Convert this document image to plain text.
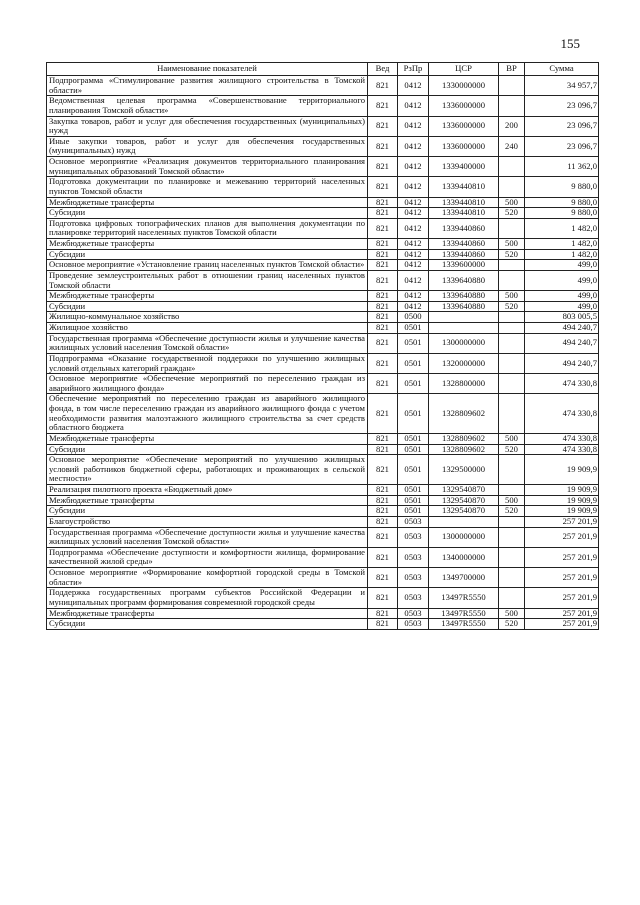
155
Наименование показателей	Вед	РзПр	ЦСР	ВР	Сумма
Подпрограмма «Стимулирование развития жилищного строительства в Томской области»	821	0412	1330000000		34 957,7
Ведомственная целевая программа «Совершенствование территориального планирования Томской области»	821	0412	1336000000		23 096,7
Закупка товаров, работ и услуг для обеспечения государственных (муниципальных) нужд	821	0412	1336000000	200	23 096,7
Иные закупки товаров, работ и услуг для обеспечения государственных (муниципальных) нужд	821	0412	1336000000	240	23 096,7
Основное мероприятие «Реализация документов территориального планирования муниципальных образований Томской области»	821	0412	1339400000		11 362,0
Подготовка документации по планировке и межеванию территорий населенных пунктов Томской области	821	0412	1339440810		9 880,0
Межбюджетные трансферты	821	0412	1339440810	500	9 880,0
Субсидии	821	0412	1339440810	520	9 880,0
Подготовка цифровых топографических планов для выполнения документации по планировке территорий населенных пунктов Томской области	821	0412	1339440860		1 482,0
Межбюджетные трансферты	821	0412	1339440860	500	1 482,0
Субсидии	821	0412	1339440860	520	1 482,0
Основное мероприятие «Установление границ населенных пунктов Томской области»	821	0412	1339600000		499,0
Проведение землеустроительных работ в отношении границ населенных пунктов Томской области	821	0412	1339640880		499,0
Межбюджетные трансферты	821	0412	1339640880	500	499,0
Субсидии	821	0412	1339640880	520	499,0
Жилищно-коммунальное хозяйство	821	0500			803 005,5
Жилищное хозяйство	821	0501			494 240,7
Государственная программа «Обеспечение доступности жилья и улучшение качества жилищных условий населения Томской области»	821	0501	1300000000		494 240,7
Подпрограмма «Оказание государственной поддержки по улучшению жилищных условий отдельных категорий граждан»	821	0501	1320000000		494 240,7
Основное мероприятие «Обеспечение мероприятий по переселению граждан из аварийного жилищного фонда»	821	0501	1328800000		474 330,8
Обеспечение мероприятий по переселению граждан из аварийного жилищного фонда, в том числе переселению граждан из аварийного жилищного фонда с учетом необходимости развития малоэтажного жилищного строительства за счет средств областного бюджета	821	0501	1328809602		474 330,8
Межбюджетные трансферты	821	0501	1328809602	500	474 330,8
Субсидии	821	0501	1328809602	520	474 330,8
Основное мероприятие «Обеспечение мероприятий по улучшению жилищных условий работников бюджетной сферы, работающих и проживающих в сельской местности»	821	0501	1329500000		19 909,9
Реализация пилотного проекта «Бюджетный дом»	821	0501	1329540870		19 909,9
Межбюджетные трансферты	821	0501	1329540870	500	19 909,9
Субсидии	821	0501	1329540870	520	19 909,9
Благоустройство	821	0503			257 201,9
Государственная программа «Обеспечение доступности жилья и улучшение качества жилищных условий населения Томской области»	821	0503	1300000000		257 201,9
Подпрограмма «Обеспечение доступности и комфортности жилища, формирование качественной жилой среды»	821	0503	1340000000		257 201,9
Основное мероприятие «Формирование комфортной городской среды в Томской области»	821	0503	1349700000		257 201,9
Поддержка государственных программ субъектов Российской Федерации и муниципальных программ формирования современной городской среды	821	0503	13497R5550		257 201,9
Межбюджетные трансферты	821	0503	13497R5550	500	257 201,9
Субсидии	821	0503	13497R5550	520	257 201,9
